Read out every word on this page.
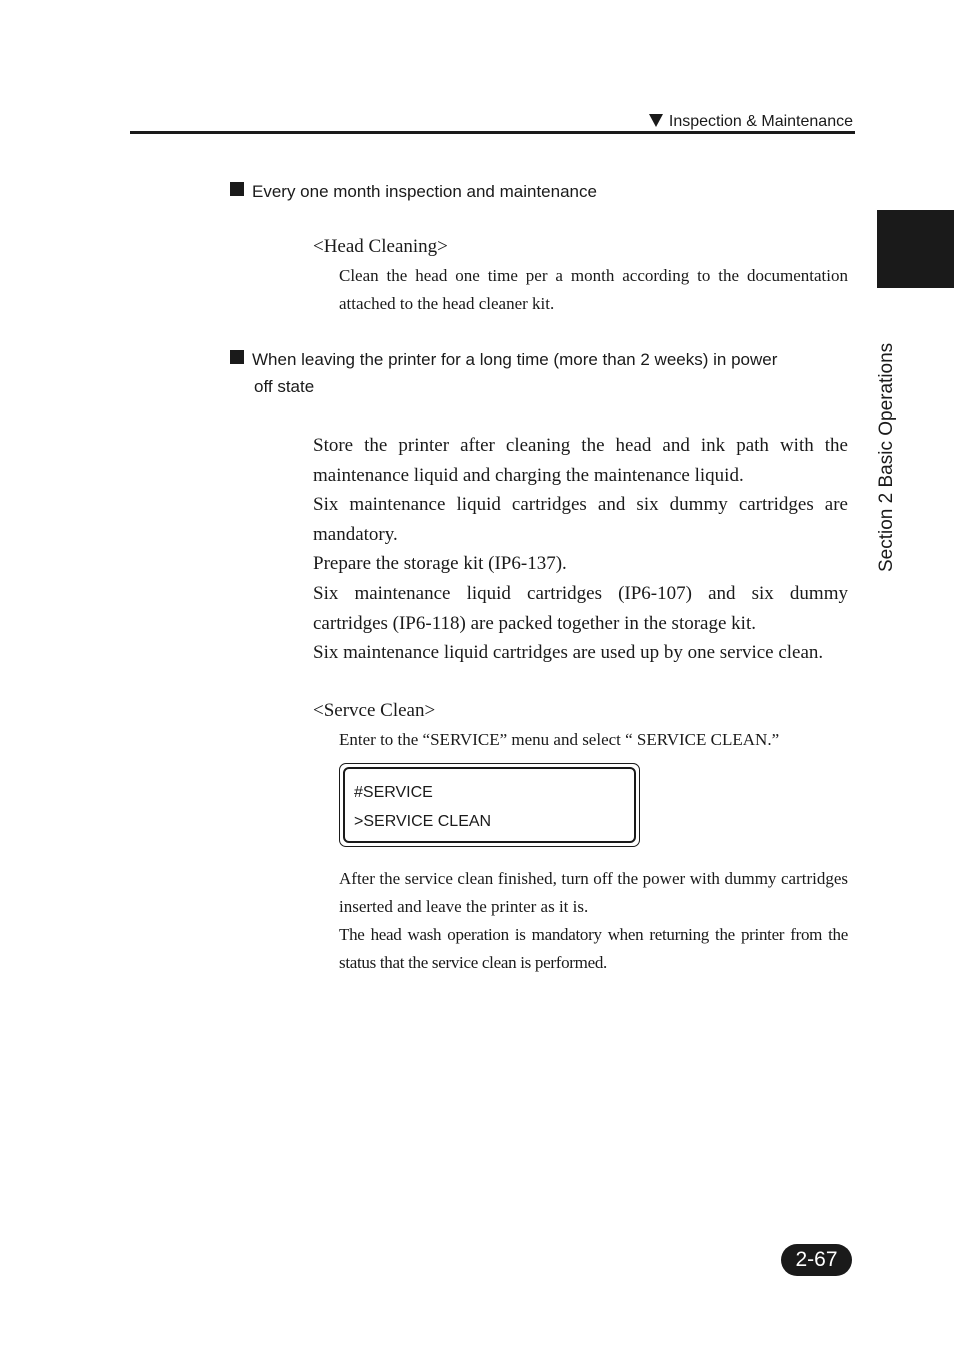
Inspection & Maintenance
Section 2 Basic Operations
Every one month inspection and maintenance
<Head Cleaning>
Clean the head one time per a month according to the documentation attached to the head cleaner kit.
When leaving the printer for a long time (more than 2 weeks) in power
off state

Store the printer after cleaning the head and ink path with the maintenance liquid and charging the maintenance liquid.

Six maintenance liquid cartridges and six dummy cartridges are mandatory.

Prepare the storage kit (IP6-137).

Six maintenance liquid cartridges (IP6-107) and six dummy cartridges (IP6-118) are packed together in the storage kit.

Six maintenance liquid cartridges are used up by one service clean.

<Servce Clean>
Enter to the “SERVICE” menu and select “ SERVICE CLEAN.”
#SERVICE
>SERVICE CLEAN

After the service clean finished, turn off the power with dummy cartridges inserted and leave the printer as it is.

The head wash operation is mandatory when returning the printer from the status that the service clean is performed.

2-67
